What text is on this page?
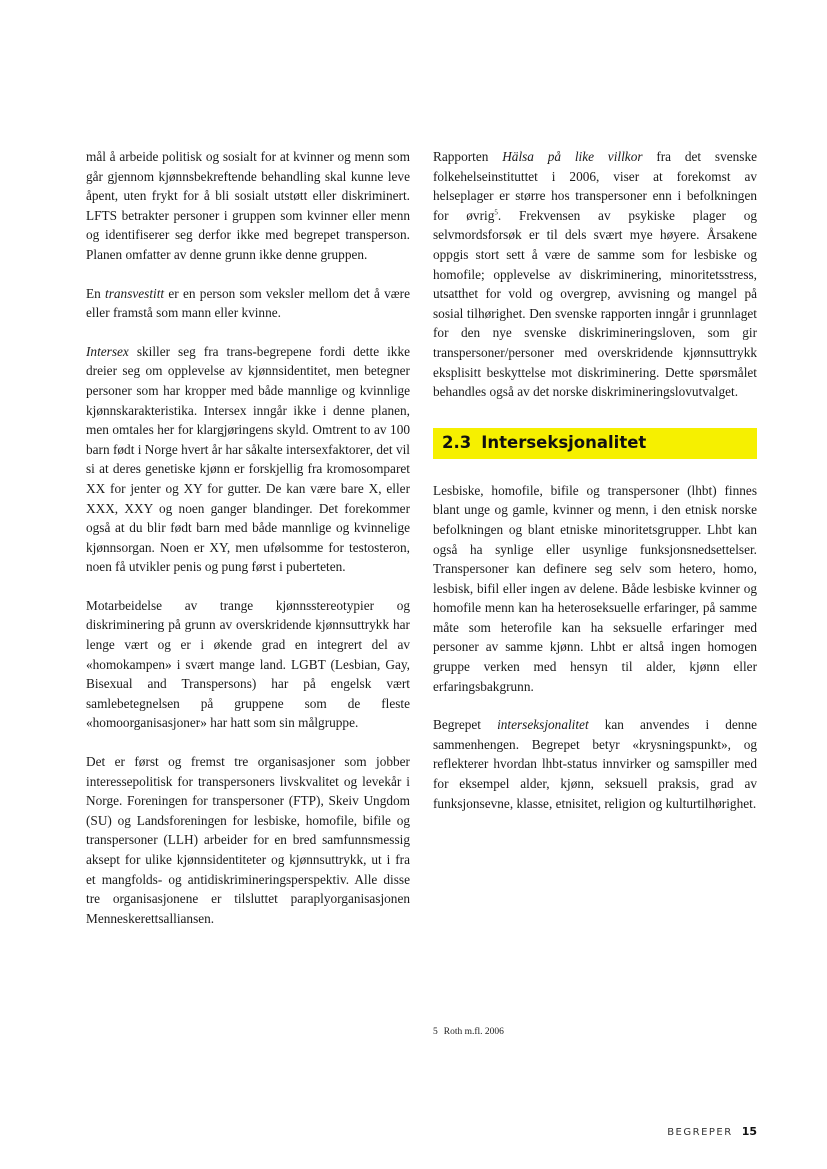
mål å arbeide politisk og sosialt for at kvinner og menn som går gjennom kjønnsbekreftende behandling skal kunne leve åpent, uten frykt for å bli sosialt utstøtt eller diskriminert. LFTS betrakter personer i gruppen som kvinner eller menn og identifiserer seg derfor ikke med begrepet transperson. Planen omfatter av denne grunn ikke denne gruppen.

En transvestitt er en person som veksler mellom det å være eller framstå som mann eller kvinne.

Intersex skiller seg fra trans-begrepene fordi dette ikke dreier seg om opplevelse av kjønnsidentitet, men betegner personer som har kropper med både mannlige og kvinnlige kjønnskarakteristika. Intersex inngår ikke i denne planen, men omtales her for klargjøringens skyld. Omtrent to av 100 barn født i Norge hvert år har såkalte intersexfaktorer, det vil si at deres genetiske kjønn er forskjellig fra kromosomparet XX for jenter og XY for gutter. De kan være bare X, eller XXX, XXY og noen ganger blandinger. Det forekommer også at du blir født barn med både mannlige og kvinnelige kjønnsorgan. Noen er XY, men ufølsomme for testosteron, noen få utvikler penis og pung først i puberteten.

Motarbeidelse av trange kjønnsstereotypier og diskriminering på grunn av overskridende kjønnsuttrykk har lenge vært og er i økende grad en integrert del av «homokampen» i svært mange land. LGBT (Lesbian, Gay, Bisexual and Transpersons) har på engelsk vært samlebetegnelsen på gruppene som de fleste «homoorganisasjoner» har hatt som sin målgruppe.

Det er først og fremst tre organisasjoner som jobber interessepolitisk for transpersoners livskvalitet og levekår i Norge. Foreningen for transpersoner (FTP), Skeiv Ungdom (SU) og Landsforeningen for lesbiske, homofile, bifile og transpersoner (LLH) arbeider for en bred samfunnsmessig aksept for ulike kjønnsidentiteter og kjønnsuttrykk, ut i fra et mangfolds- og antidiskrimineringsperspektiv. Alle disse tre organisasjonene er tilsluttet paraplyorganisasjonen Menneskerettsalliansen.

Rapporten Hälsa på like villkor fra det svenske folkehelseinstituttet i 2006, viser at forekomst av helseplager er større hos transpersoner enn i befolkningen for øvrig$^5$. Frekvensen av psykiske plager og selvmordsforsøk er til dels svært mye høyere. Årsakene oppgis stort sett å være de samme som for lesbiske og homofile; opplevelse av diskriminering, minoritetsstress, utsatthet for vold og overgrep, avvisning og mangel på sosial tilhørighet. Den svenske rapporten inngår i grunnlaget for den nye svenske diskrimineringsloven, som gir transpersoner/personer med overskridende kjønnsuttrykk eksplisitt beskyttelse mot diskriminering. Dette spørsmålet behandles også av det norske diskrimineringslovutvalget.

2.3 Interseksjonalitet

Lesbiske, homofile, bifile og transpersoner (lhbt) finnes blant unge og gamle, kvinner og menn, i den etnisk norske befolkningen og blant etniske minoritetsgrupper. Lhbt kan også ha synlige eller usynlige funksjonsnedsettelser. Transpersoner kan definere seg selv som hetero, homo, lesbisk, bifil eller ingen av delene. Både lesbiske kvinner og homofile menn kan ha heteroseksuelle erfaringer, på samme måte som heterofile kan ha seksuelle erfaringer med personer av samme kjønn. Lhbt er altså ingen homogen gruppe verken med hensyn til alder, kjønn eller erfaringsbakgrunn.

Begrepet interseksjonalitet kan anvendes i denne sammenhengen. Begrepet betyr «krysningspunkt», og reflekterer hvordan lhbt-status innvirker og samspiller med for eksempel alder, kjønn, seksuell praksis, grad av funksjonsevne, klasse, etnisitet, religion og kulturtilhørighet.

5 Roth m.fl. 2006
BEGREPER 15
